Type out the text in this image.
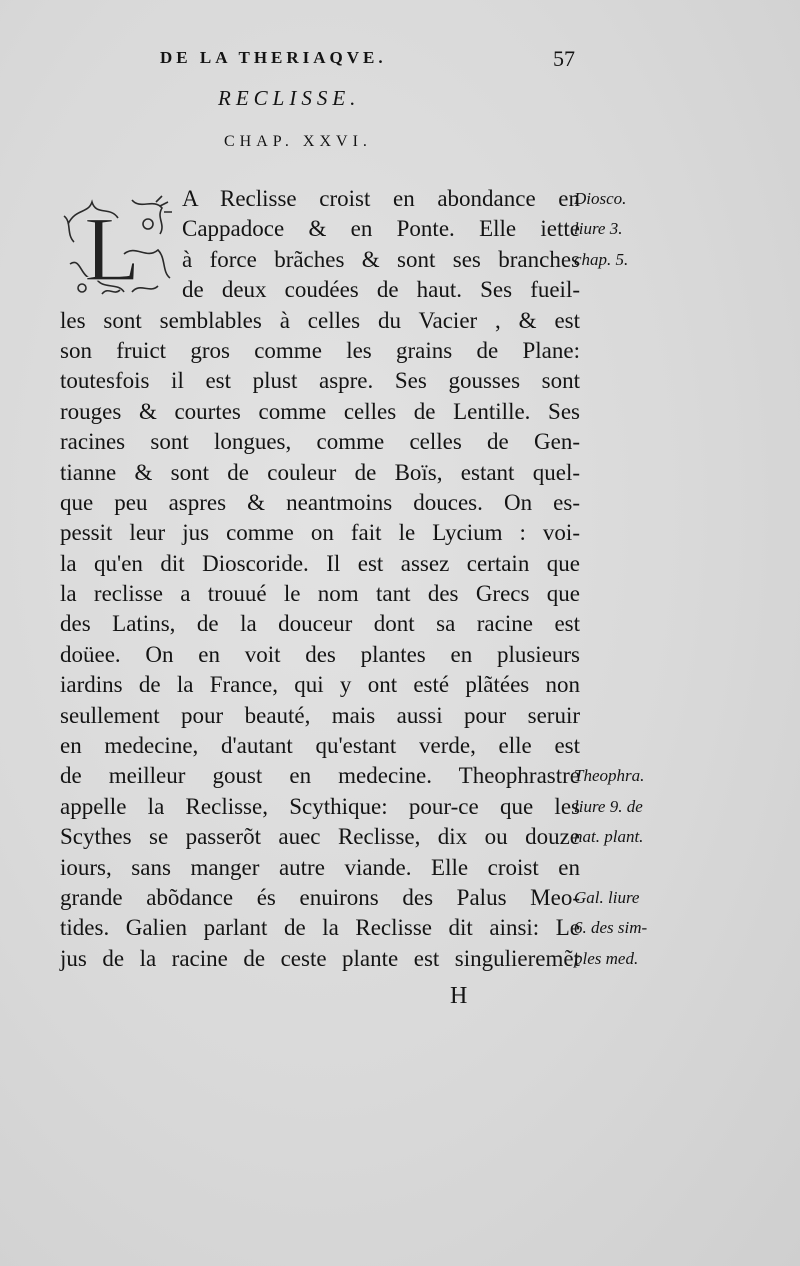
DE LA THERIAQVE.	57
RECLISSE.
CHAP. XXVI.
L	A Reclisse croist en abondance en
Cappadoce & en Ponte. Elle iette
à force brãches & sont ses branches
de deux coudées de haut. Ses fueil-
les sont semblables à celles du Vacier , & est
son fruict gros comme les grains de Plane:
toutesfois il est plust aspre. Ses gousses sont
rouges & courtes comme celles de Lentille. Ses
racines sont longues, comme celles de Gen-
tianne & sont de couleur de Boïs, estant quel-
que peu aspres & neantmoins douces. On es-
pessit leur jus comme on fait le Lycium : voi-
la qu'en dit Dioscoride. Il est assez certain que
la reclisse a trouué le nom tant des Grecs que
des Latins, de la douceur dont sa racine est
doüee. On en voit des plantes en plusieurs
iardins de la France, qui y ont esté plãtées non
seullement pour beauté, mais aussi pour seruir
en medecine, d'autant qu'estant verde, elle est
de meilleur goust en medecine. Theophrastre
appelle la Reclisse, Scythique: pour-ce que les
Scythes se passerõt auec Reclisse, dix ou douze
iours, sans manger autre viande. Elle croist en
grande abõdance és enuirons des Palus Meo-
tides. Galien parlant de la Reclisse dit ainsi: Le
jus de la racine de ceste plante est singulieremẽt
Diosco.
liure 3.
chap. 5.
Theophra.
liure 9. de
nat. plant.
Gal. liure
6. des sim-
ples med.
H
